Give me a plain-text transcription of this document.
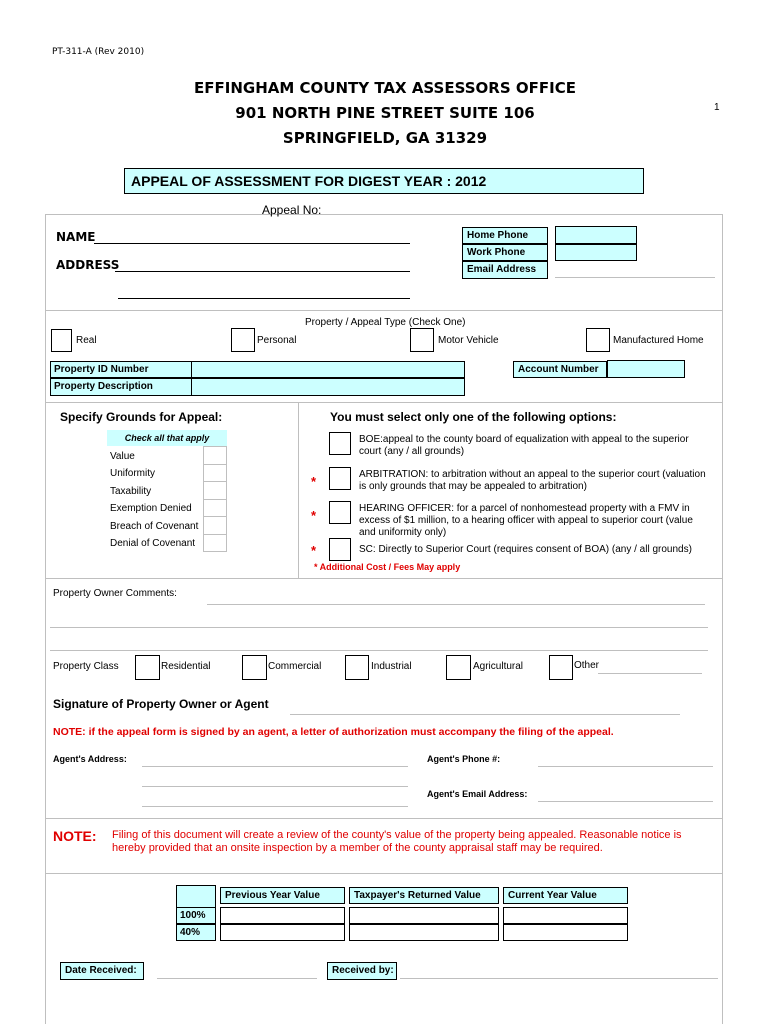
PT-311-A (Rev 2010)
1
EFFINGHAM COUNTY TAX ASSESSORS OFFICE
901 NORTH PINE STREET SUITE 106
SPRINGFIELD, GA 31329
APPEAL OF ASSESSMENT FOR DIGEST YEAR : 2012
Appeal No:
NAME
ADDRESS
Home Phone
Work Phone
Email Address
Property / Appeal Type (Check One)
Real	Personal	Motor Vehicle	Manufactured Home
Property ID Number
Property Description
Account Number
Specify Grounds for Appeal:
Check all that apply
Value
Uniformity
Taxability
Exemption Denied
Breach of Covenant
Denial of Covenant
You must select only one of the following options:
BOE:appeal to the county board of equalization with appeal to the superior court (any / all grounds)
*	ARBITRATION: to arbitration without an appeal to the superior court (valuation is only grounds that may be appealed to arbitration)
*	HEARING OFFICER: for a parcel of nonhomestead property with a FMV in excess of $1 million, to a hearing officer with appeal to superior court (value and uniformity only)
*	SC: Directly to Superior Court (requires consent of BOA) (any / all grounds)
* Additional Cost / Fees May apply
Property Owner Comments:
Property Class	Residential	Commercial	Industrial	Agricultural	Other
Signature of Property Owner or Agent
NOTE: if the appeal form is signed by an agent, a letter of authorization must accompany the filing of the appeal.
Agent's Address:	Agent's Phone #:
Agent's Email Address:
NOTE: Filing of this document will create a review of the county's value of the property being appealed. Reasonable notice is hereby provided that an onsite inspection by a member of the county appraisal staff may be required.
100%
40%
Previous Year Value	Taxpayer's Returned Value	Current Year Value
Date Received:	Received by:
